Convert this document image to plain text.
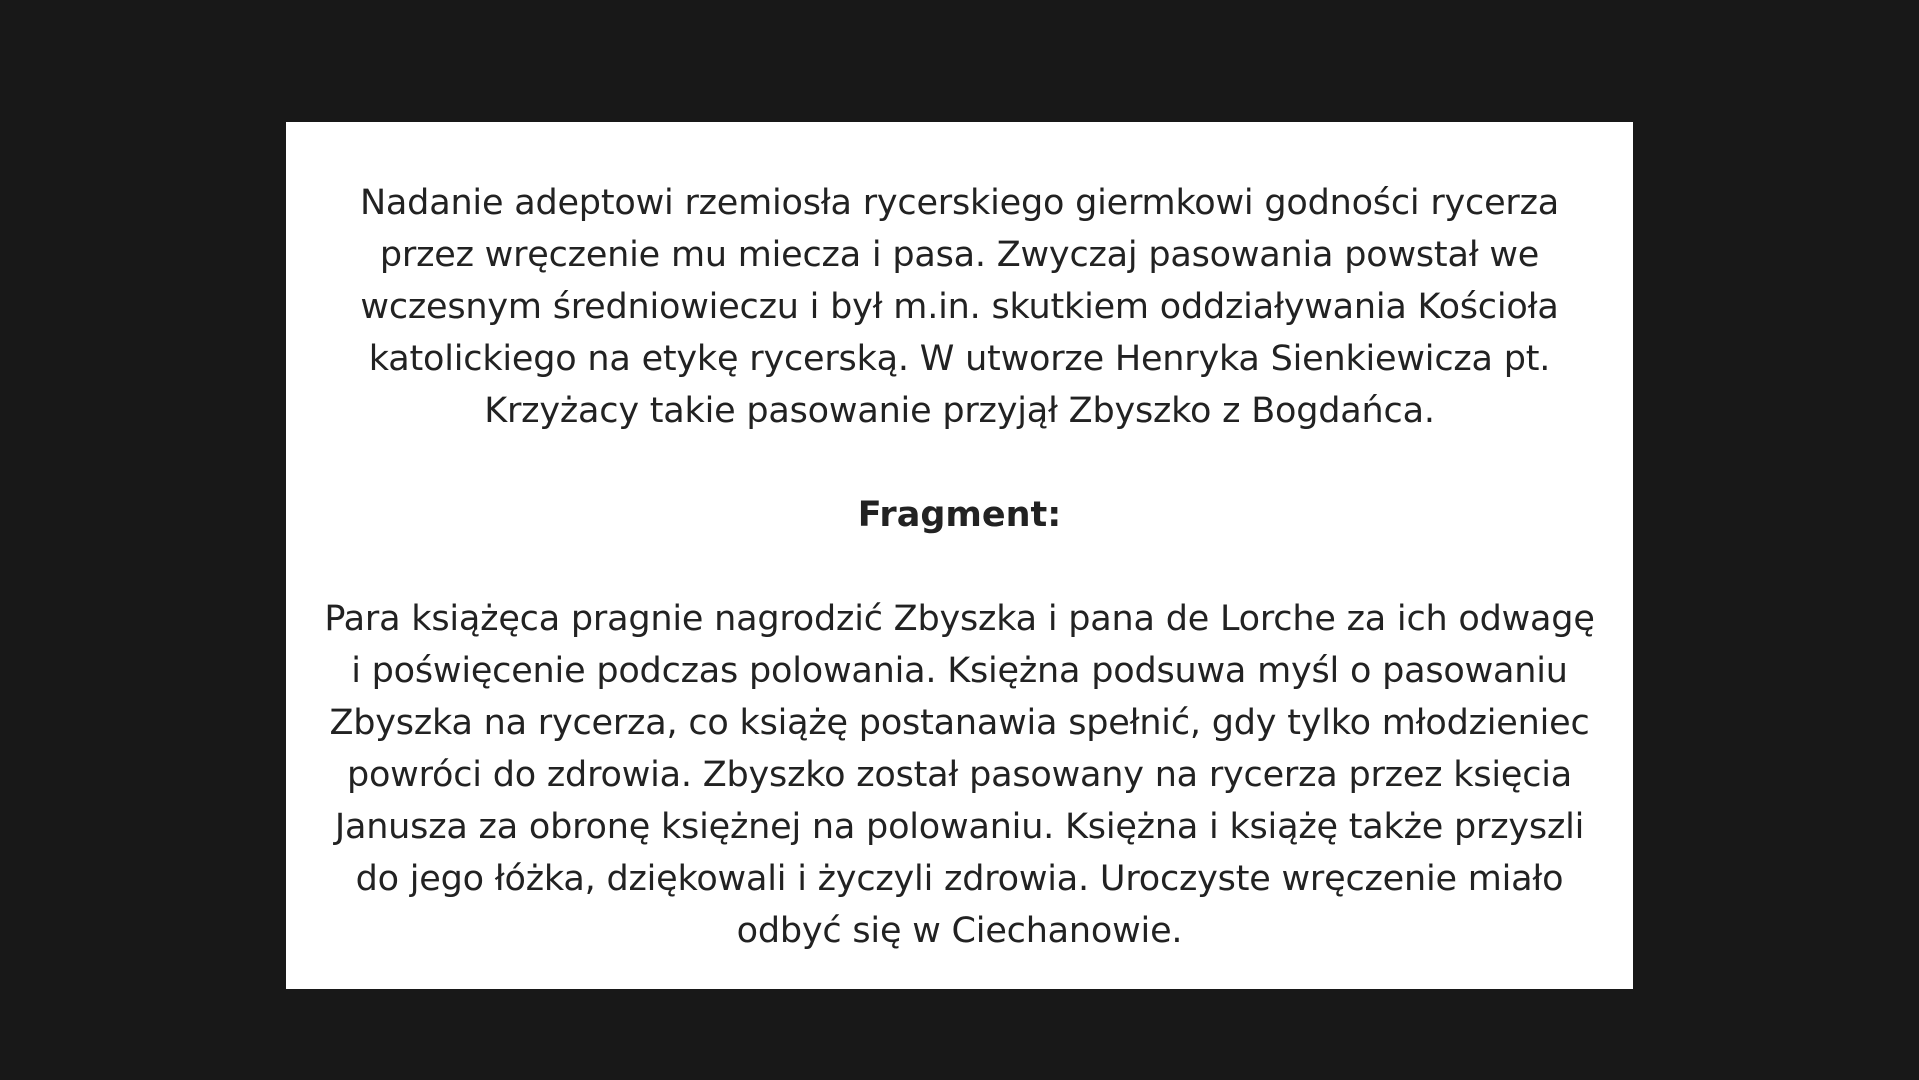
Nadanie adeptowi rzemiosła rycerskiego giermkowi godności rycerza
przez wręczenie mu miecza i pasa. Zwyczaj pasowania powstał we
wczesnym średniowieczu i był m.in. skutkiem oddziaływania Kościoła
katolickiego na etykę rycerską. W utworze Henryka Sienkiewicza pt.
Krzyżacy takie pasowanie przyjął Zbyszko z Bogdańca.

Fragment:

Para książęca pragnie nagrodzić Zbyszka i pana de Lorche za ich odwagę
i poświęcenie podczas polowania. Księżna podsuwa myśl o pasowaniu
Zbyszka na rycerza, co książę postanawia spełnić, gdy tylko młodzieniec
powróci do zdrowia. Zbyszko został pasowany na rycerza przez księcia
Janusza za obronę księżnej na polowaniu. Księżna i książę także przyszli
do jego łóżka, dziękowali i życzyli zdrowia. Uroczyste wręczenie miało
odbyć się w Ciechanowie.
